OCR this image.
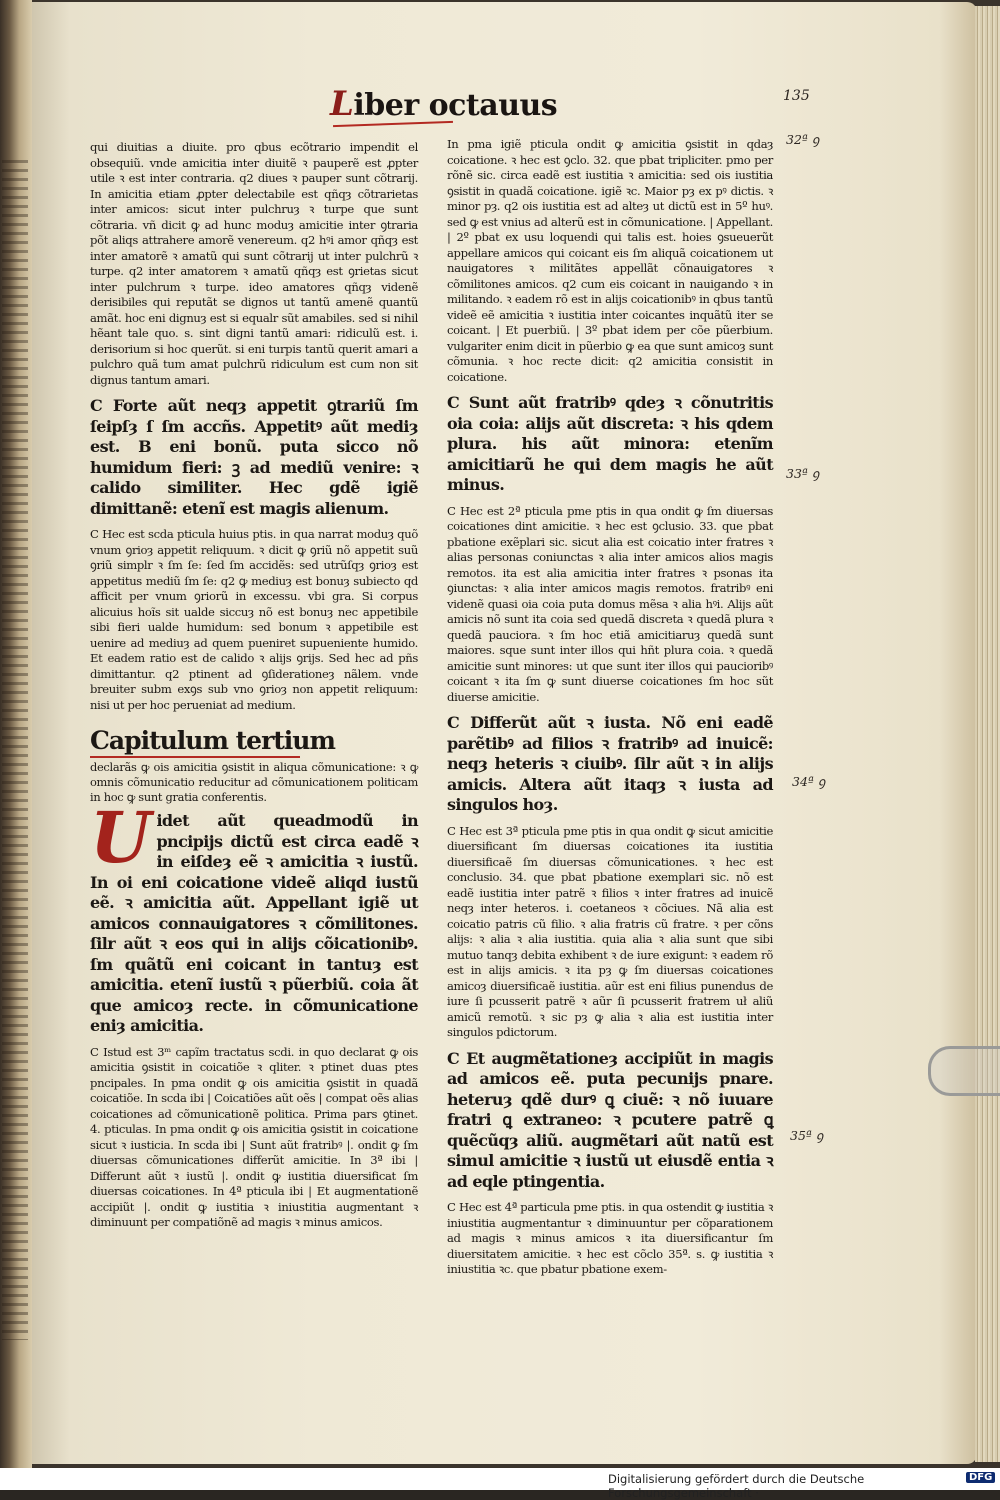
Liber octauus	135

qui diuitias a diuite. pro qbus ecõtrario impendit el obsequiũ. vnde amicitia inter diuitẽ ꝛ pauperẽ est ꝓpter utile ꝛ est inter contraria. q2 diues ꝛ pauper sunt cõtrarij. In amicitia etiam ꝓpter delectabile est qñqȝ cõtrarietas inter amicos: sicut inter pulchruȝ ꝛ turpe que sunt cõtraria. vñ dicit ꝙ ad hunc moduȝ amicitie inter ꝯtraria põt aliqs attrahere amorẽ venereum. q2 hꝰi amor qñqȝ est inter amatorẽ ꝛ amatũ qui sunt cõtrarij ut inter pulchrũ ꝛ turpe. q2 inter amatorem ꝛ amatũ qñqȝ est ꝯrietas sicut inter pulchrum ꝛ turpe. ideo amatores qñqȝ videnẽ derisibiles qui reputãt se dignos ut tantũ amenẽ quantũ amãt. hoc eni dignuȝ est si equalr sũt amabiles. sed si nihil hẽant tale quo. s. sint digni tantũ amari: ridiculũ est. i. derisorium si hoc querũt. si eni turpis tantũ querit amari a pulchro quã tum amat pulchrũ ridiculum est cum non sit dignus tantum amari.

C Forte aũt neqȝ appetit ꝯtrariũ ſm ſeipſȝ ſ ſm accñs. Appetitꝰ aũt mediȝ est. B eni bonũ. puta sicco nõ humidum fieri: ꝫ ad mediũ venire: ꝛ calido similiter. Hec gdẽ igiẽ dimittanẽ: etenĩ est magis alienum.

C Hec est scda pticula huius ptis. in qua narrat moduȝ quõ vnum ꝯrioȝ appetit reliquum. ꝛ dicit ꝙ ꝯriũ nõ appetit suũ ꝯriũ simplr ꝛ ſm ſe: ſed ſm accidẽs: sed utrũſqȝ ꝯrioȝ est appetitus mediũ ſm ſe: q2 ꝙ mediuȝ est bonuȝ subiecto qd afficit per vnum ꝯriorũ in excessu. vbi gra. Si corpus alicuius hoĩs sit ualde siccuȝ nõ est bonuȝ nec appetibile sibi fieri ualde humidum: sed bonum ꝛ appetibile est uenire ad mediuȝ ad quem pueniret supueniente humido. Et eadem ratio est de calido ꝛ alijs ꝯrijs. Sed hec ad pñs dimittantur. q2 ptinent ad ꝯſiderationeȝ nãlem. vnde breuiter subm exꝯs sub vno ꝯrioȝ non appetit reliquum: nisi ut per hoc perueniat ad medium.

Capitulum tertium

declarãs ꝙ ois amicitia ꝯsistit in aliqua cõmunicatione: ꝛ ꝙ omnis cõmunicatio reducitur ad cõmunicationem politicam in hoc ꝙ sunt gratia conferentis.

Uidet aũt queadmodũ in pncipijs dictũ est circa eadẽ ꝛ in eiſdeȝ eẽ ꝛ amicitia ꝛ iustũ. In oi eni coicatione videẽ aliqd iustũ eẽ. ꝛ amicitia aũt. Appellant igiẽ ut amicos connauigatores ꝛ cõmilitones. ſilr aũt ꝛ eos qui in alijs cõicationibꝰ. ſm quãtũ eni coicant in tantuȝ est amicitia. etenĩ iustũ ꝛ pũerbiũ. coia ãt que amicoȝ recte. in cõmunicatione eniȝ amicitia.

C Istud est 3ᵐ capĩm tractatus scdi. in quo declarat ꝙ ois amicitia ꝯsistit in coicatiõe ꝛ qliter. ꝛ ptinet duas ptes pncipales. In pma ondit ꝙ ois amicitia ꝯsistit in quadã coicatiõe. In scda ibi | Coicatiões aũt oẽs | compat oẽs alias coicationes ad cõmunicationẽ politica. Prima pars ꝯtinet. 4. pticulas. In pma ondit ꝙ ois amicitia ꝯsistit in coicatione sicut ꝛ iusticia. In scda ibi | Sunt aũt fratribꝰ |. ondit ꝙ ſm diuersas cõmunicationes differũt amicitie. In 3ª ibi | Differunt aũt ꝛ iustũ |. ondit ꝙ iustitia diuersificat ſm diuersas coicationes. In 4ª pticula ibi | Et augmentationẽ accipiũt |. ondit ꝙ iustitia ꝛ iniustitia augmentant ꝛ diminuunt per compatiõnẽ ad magis ꝛ minus amicos.

In pma igiẽ pticula ondit ꝙ amicitia ꝯsistit in qdaȝ coicatione. ꝛ hec est ꝯclo. 32. que pbat tripliciter. pmo per rõnẽ sic. circa eadẽ est iustitia ꝛ amicitia: sed ois iustitia ꝯsistit in quadã coicatione. igiẽ ꝛc. Maior pȝ ex pꝰ dictis. ꝛ minor pȝ. q2 ois iustitia est ad alteȝ ut dictũ est in 5º huꝰ. sed ꝙ est vnius ad alterũ est in cõmunicatione. | Appellant. | 2º pbat ex usu loquendi qui talis est. hoies ꝯsueuerũt appellare amicos qui coicant eis ſm aliquã coicationem ut nauigatores ꝛ militãtes appellãt cõnauigatores ꝛ cõmilitones amicos. q2 cum eis coicant in nauigando ꝛ in militando. ꝛ eadem rõ est in alijs coicationibꝰ in qbus tantũ videẽ eẽ amicitia ꝛ iustitia inter coicantes inquãtũ iter se coicant. | Et puerbiũ. | 3º pbat idem per cõe pũerbium. vulgariter enim dicit in pũerbio ꝙ ea que sunt amicoȝ sunt cõmunia. ꝛ hoc recte dicit: q2 amicitia consistit in coicatione.

C Sunt aũt fratribꝰ qdeȝ ꝛ cõnutritis oia coia: alijs aũt discreta: ꝛ his qdem plura. his aũt minora: etenĩm amicitiarũ he qui dem magis he aũt minus.

C Hec est 2ª pticula pme ptis in qua ondit ꝙ ſm diuersas coicationes dint amicitie. ꝛ hec est ꝯclusio. 33. que pbat pbatione exẽplari sic. sicut alia est coicatio inter fratres ꝛ alias personas coniunctas ꝛ alia inter amicos alios magis remotos. ita est alia amicitia inter fratres ꝛ psonas ita ꝯiunctas: ꝛ alia inter amicos magis remotos. fratribꝰ eni videnẽ quasi oia coia puta domus mẽsa ꝛ alia hꝰi. Alijs aũt amicis nõ sunt ita coia sed quedã discreta ꝛ quedã plura ꝛ quedã pauciora. ꝛ ſm hoc etiã amicitiaruȝ quedã sunt maiores. sque sunt inter illos qui hñt plura coia. ꝛ quedã amicitie sunt minores: ut que sunt iter illos qui paucioribꝰ coicant ꝛ ita ſm ꝙ sunt diuerse coicationes ſm hoc sũt diuerse amicitie.

C Differũt aũt ꝛ iusta. Nõ eni eadẽ parẽtibꝰ ad filios ꝛ fratribꝰ ad inuicẽ: neqȝ heteris ꝛ ciuibꝰ. ſilr aũt ꝛ in alijs amicis. Altera aũt itaqȝ ꝛ iusta ad singulos hoȝ.

C Hec est 3ª pticula pme ptis in qua ondit ꝙ sicut amicitie diuersificant ſm diuersas coicationes ita iustitia diuersificaẽ ſm diuersas cõmunicationes. ꝛ hec est conclusio. 34. que pbat pbatione exemplari sic. nõ est eadẽ iustitia inter patrẽ ꝛ filios ꝛ inter fratres ad inuicẽ neqȝ inter heteros. i. coetaneos ꝛ cõciues. Nã alia est coicatio patris cũ filio. ꝛ alia fratris cũ fratre. ꝛ per cõns alijs: ꝛ alia ꝛ alia iustitia. quia alia ꝛ alia sunt que sibi mutuo tanqȝ debita exhibent ꝛ de iure exigunt: ꝛ eadem rõ est in alijs amicis. ꝛ ita pȝ ꝙ ſm diuersas coicationes amicoȝ diuersificaẽ iustitia. aũr est eni filius punendus de iure ſi pcusserit patrẽ ꝛ aũr ſi pcusserit fratrem uł aliũ amicũ remotũ. ꝛ sic pȝ ꝙ alia ꝛ alia est iustitia inter singulos pdictorum.

C Et augmẽtationeȝ accipiũt in magis ad amicos eẽ. puta pecunijs pnare. heteruȝ qdẽ durꝰ ꝗ ciuẽ: ꝛ nõ iuuare fratri ꝗ extraneo: ꝛ pcutere patrẽ ꝗ quẽcũqȝ aliũ. augmẽtari aũt natũ est simul amicitie ꝛ iustũ ut eiusdẽ entia ꝛ ad eqle ptingentia.

C Hec est 4ª particula pme ptis. in qua ostendit ꝙ iustitia ꝛ iniustitia augmentantur ꝛ diminuuntur per cõparationem ad magis ꝛ minus amicos ꝛ ita diuersificantur ſm diuersitatem amicitie. ꝛ hec est cõclo 35ª. s. ꝙ iustitia ꝛ iniustitia ꝛc. que pbatur pbatione exem-

32ª ꝯ
33ª ꝯ
34ª ꝯ
35ª ꝯ
Digitalisierung gefördert durch die Deutsche Forschungsgemeinschaft ·
DFG
